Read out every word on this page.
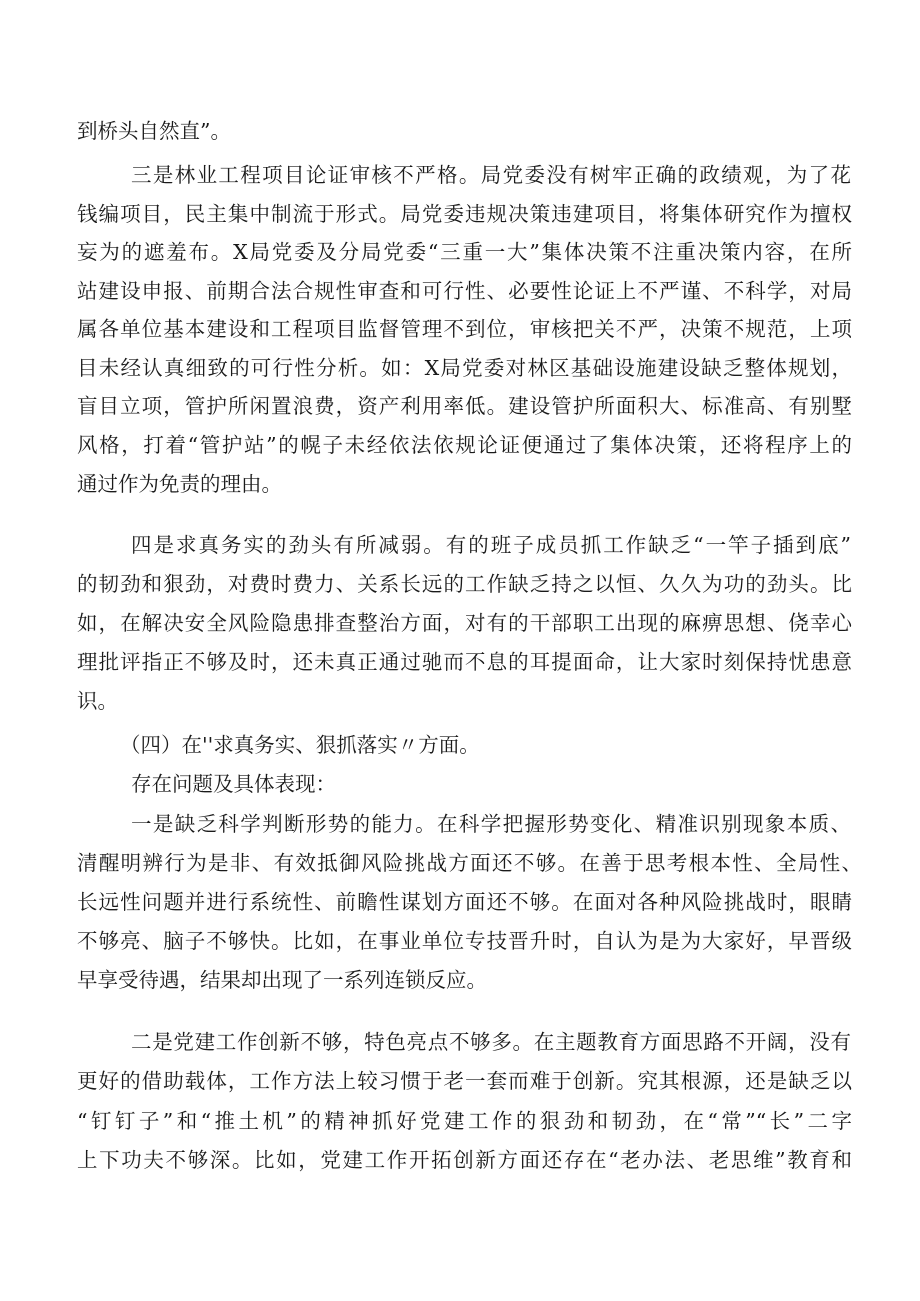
到桥头自然直”。
三是林业工程项目论证审核不严格。局党委没有树牢正确的政绩观，为了花
钱编项目，民主集中制流于形式。局党委违规决策违建项目，将集体研究作为擅权
妄为的遮羞布。X局党委及分局党委“三重一大”集体决策不注重决策内容，在所
站建设申报、前期合法合规性审查和可行性、必要性论证上不严谨、不科学，对局
属各单位基本建设和工程项目监督管理不到位，审核把关不严，决策不规范，上项
目未经认真细致的可行性分析。如：X局党委对林区基础设施建设缺乏整体规划，
盲目立项，管护所闲置浪费，资产利用率低。建设管护所面积大、标准高、有别墅
风格，打着“管护站”的幌子未经依法依规论证便通过了集体决策，还将程序上的
通过作为免责的理由。
四是求真务实的劲头有所减弱。有的班子成员抓工作缺乏“一竿子插到底”
的韧劲和狠劲，对费时费力、关系长远的工作缺乏持之以恒、久久为功的劲头。比
如，在解决安全风险隐患排查整治方面，对有的干部职工出现的麻痹思想、侥幸心
理批评指正不够及时，还未真正通过驰而不息的耳提面命，让大家时刻保持忧患意
识。
（四）在''求真务实、狠抓落实〃方面。
存在问题及具体表现：
一是缺乏科学判断形势的能力。在科学把握形势变化、精准识别现象本质、
清醒明辨行为是非、有效抵御风险挑战方面还不够。在善于思考根本性、全局性、
长远性问题并进行系统性、前瞻性谋划方面还不够。在面对各种风险挑战时，眼睛
不够亮、脑子不够快。比如，在事业单位专技晋升时，自认为是为大家好，早晋级
早享受待遇，结果却出现了一系列连锁反应。
二是党建工作创新不够，特色亮点不够多。在主题教育方面思路不开阔，没有
更好的借助载体，工作方法上较习惯于老一套而难于创新。究其根源，还是缺乏以
“钉钉子”和“推土机”的精神抓好党建工作的狠劲和韧劲，在“常”“长”二字
上下功夫不够深。比如，党建工作开拓创新方面还存在“老办法、老思维”教育和
